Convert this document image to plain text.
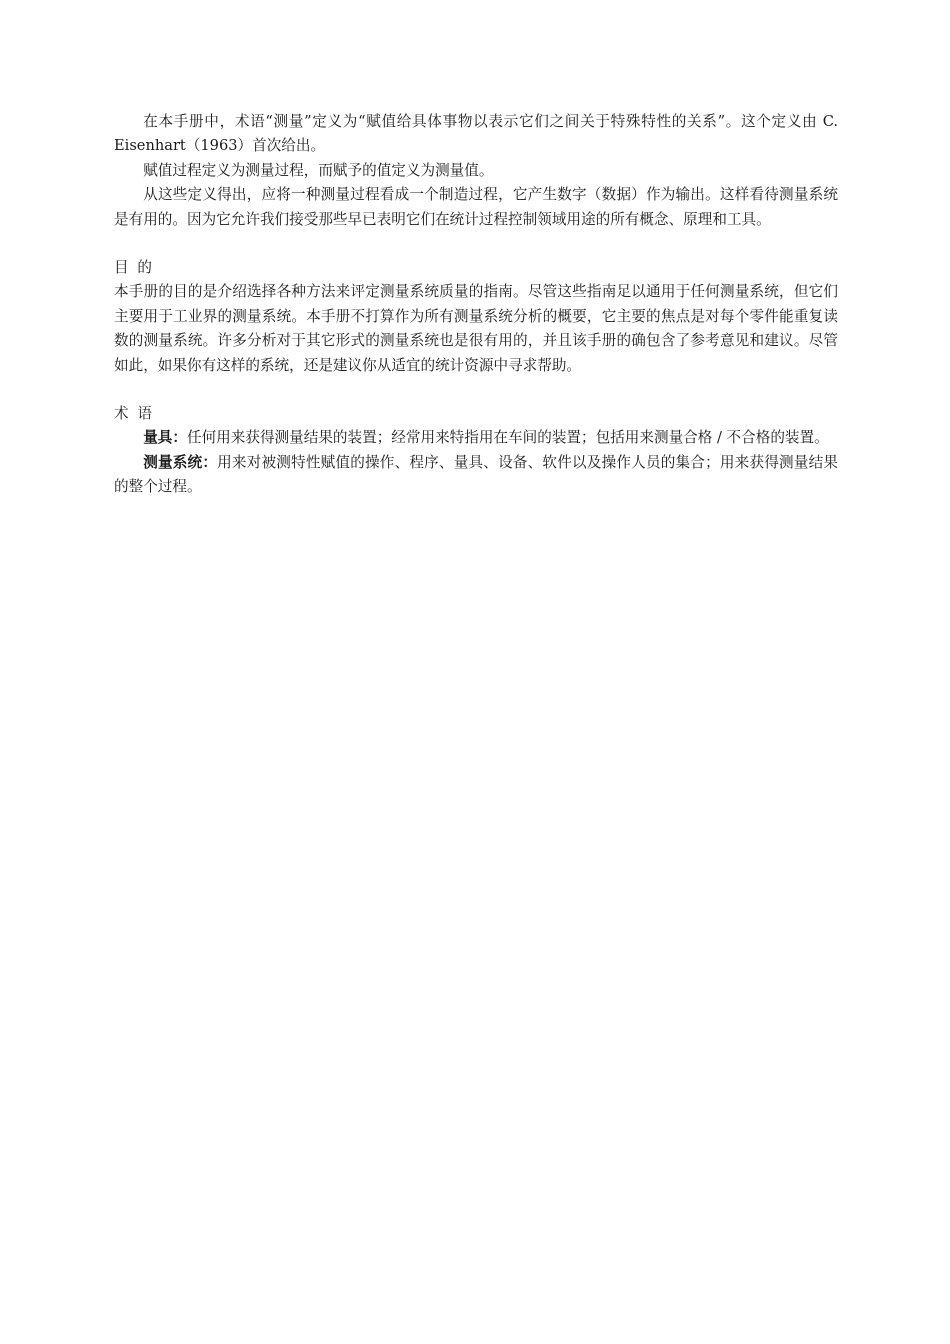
在本手册中，术语“测量”定义为“赋值给具体事物以表示它们之间关于特殊特性的关系”。这个定义由 C. Eisenhart（1963）首次给出。

赋值过程定义为测量过程，而赋予的值定义为测量值。

从这些定义得出，应将一种测量过程看成一个制造过程，它产生数字（数据）作为输出。这样看待测量系统是有用的。因为它允许我们接受那些早已表明它们在统计过程控制领域用途的所有概念、原理和工具。

目的

本手册的目的是介绍选择各种方法来评定测量系统质量的指南。尽管这些指南足以通用于任何测量系统，但它们主要用于工业界的测量系统。本手册不打算作为所有测量系统分析的概要，它主要的焦点是对每个零件能重复读数的测量系统。许多分析对于其它形式的测量系统也是很有用的，并且该手册的确包含了参考意见和建议。尽管如此，如果你有这样的系统，还是建议你从适宜的统计资源中寻求帮助。

术语

量具：任何用来获得测量结果的装置；经常用来特指用在车间的装置；包括用来测量合格 / 不合格的装置。

测量系统：用来对被测特性赋值的操作、程序、量具、设备、软件以及操作人员的集合；用来获得测量结果的整个过程。
